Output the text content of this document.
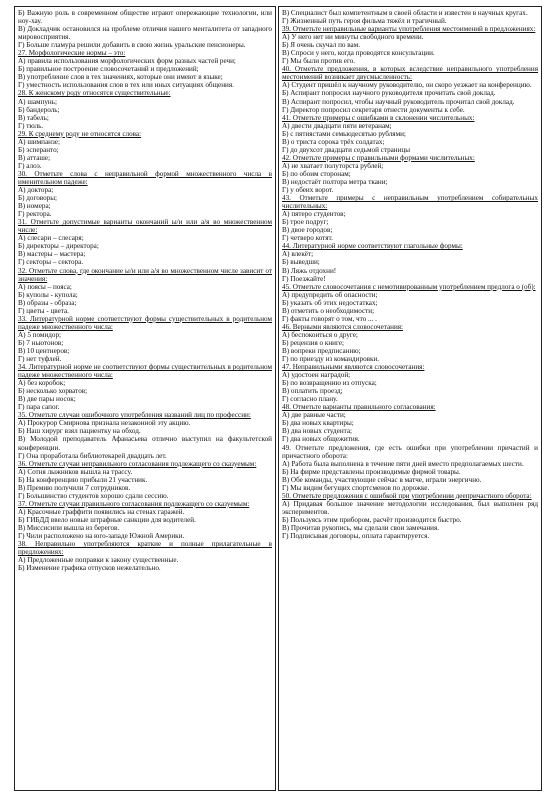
Б) Важную роль в современном обществе играют опережающие технологии, или ноу-хау.
В) Докладчик остановился на проблеме отличия нашего менталитета от западного мировосприятия.
Г) Больше гламура решили добавить в свою жизнь уральские пенсионеры.
27. Морфологические нормы – это:
А) правила использования морфологических форм разных частей речи;
Б) правильное построение словосочетаний и предложений;
В) употребление слов в тех значениях, которые они имеют в языке;
Г) уместность использования слов в тех или иных ситуациях общения.
28. К женскому роду относятся существительные:
А) шампунь;
Б) бандероль;
В) табель;
Г) тюль.
29. К среднему роду не относятся слова:
А) шимпанзе;
Б) эсперанто;
В) атташе;
Г) алоэ.
30. Отметьте слова с неправильной формой множественного числа в именительном падеже:
А) доктора;
Б) договоры;
В) номера;
Г) ректора.
31. Отметьте допустимые варианты окончаний ы/и или а/я во множественном числе:
А) слесари – слесаря;
Б) директоры – директора;
В) мастеры – мастера;
Г) секторы – сектора.
32. Отметьте слова, где окончание ы/и или а/я во множественном числе зависит от значения:
А) поясы – пояса;
Б) куполы - купола;
В) образы - образа;
Г) цветы - цвета.
33. Литературной норме соответствуют формы существительных в родительном падеже множественного числа:
А) 5 помидор;
Б) 7 ньютонов;
В) 10 центнеров;
Г) нет туфлей.
34. Литературной норме не соответствуют формы существительных в родительном падеже множественного числа:
А) без коробок;
Б) несколько хорватов;
В) две пары носок;
Г) пара сапог.
35. Отметьте случаи ошибочного употребления названий лиц по профессии:
А) Прокурор Смирнова признала незаконной эту акцию.
Б) Наш хирург взял пациентку на обход.
В) Молодой преподаватель Афанасьева отлично выступил на факультетской конференции.
Г) Она проработала библиотекарей двадцать лет.
36. Отметьте случаи неправильного согласования подлежащего со сказуемым:
А) Сотня лыжников вышла на трассу.
Б) На конференцию прибыли 21 участник.
В) Премию получили 7 сотрудников.
Г) Большинство студентов хорошо сдали сессию.
37. Отметьте случаи правильного согласования подлежащего со сказуемым:
А) Красочные граффити появились на стенах гаражей.
Б) ГИБДД ввело новые штрафные санкции для водителей.
В) Миссисипи вышла из берегов.
Г) Чили расположено на юго-западе Южной Америки.
38. Неправильно употребляются краткие и полные прилагательные в предложениях:
А) Предложенные поправки к закону существенные.
Б) Изменение графика отпусков нежелательно.
В) Специалист был компетентным в своей области и известен в научных кругах.
Г) Жизненный путь героя фильма тяжёл и трагичный.
39. Отметьте неправильные варианты употребления местоимений в предложениях:
А) У него нет ни минуты свободного времени.
Б) Я очень скучал по вам.
В) Спроси у него, когда проводятся консультации.
Г) Мы были против его.
40. Отметьте предложения, в которых вследствие неправильного употребления местоимений возникает двусмысленность:
А) Студент пришёл к научному руководителю, он скоро уезжает на конференцию.
Б) Аспирант попросил научного руководителя прочитать свой доклад.
В) Аспирант попросил, чтобы научный руководитель прочитал свой доклад.
Г) Директор попросил секретаря отнести документы к себе.
41. Отметьте примеры с ошибками в склонении числительных:
А) двести двадцати пяти ветеранам;
Б) с пятиястами семьюдесятью рублями;
В) о триста сорока трёх солдатах;
Г) до двухсот двадцати седьмой страницы
42. Отметьте примеры с правильными формами числительных:
А) не хватает полуторста рублей;
Б) по обоим сторонам;
В) недостаёт полтора метра ткани;
Г) у обеих ворот.
43. Отметьте примеры с неправильным употреблением собирательных числительных:
А) пятеро студентов;
Б) трое подруг;
В) двое городов;
Г) четверо котят.
44. Литературной норме соответствуют глагольные формы:
А) влекёт;
Б) выведши;
В) Ляжь отдохни!
Г) Поезжайте!
45. Отметьте словосочетания с немотивированным употреблением предлога о (об):
А) предупредить об опасности;
Б) указать об этих недостатках;
В) отметить о необходимости;
Г) факты говорят о том, что ... .
46. Верными являются словосочетания:
А) беспокоиться о друге;
Б) рецензия о книге;
В) вопреки предписанию;
Г) по приезду из командировки.
47. Неправильными являются словосочетания:
А) удостоен наградой;
Б) по возвращению из отпуска;
В) оплатить проезд;
Г) согласно плану.
48. Отметьте варианты правильного согласования:
А) две равные части;
Б) два новых квартиры;
В) два новых студента;
Г) два новых общежития.
49. Отметьте предложения, где есть ошибки при употреблении причастий и причастного оборота:
А) Работа была выполнена в течение пяти дней вместо предполагаемых шести.
Б) На фирме представлены производимые фирмой товары.
В) Обе команды, участвующие сейчас в матче, играли энергично.
Г) Мы видим бегущих спортсменов по дорожке.
50. Отметьте предложения с ошибкой при употреблении деепричастного оборота:
А) Придавая большое значение методологии исследования, был выполнен ряд экспериментов.
Б) Пользуясь этим прибором, расчёт производится быстро.
В) Прочитав рукопись, мы сделали свои замечания.
Г) Подписывая договоры, оплата гарантируется.
